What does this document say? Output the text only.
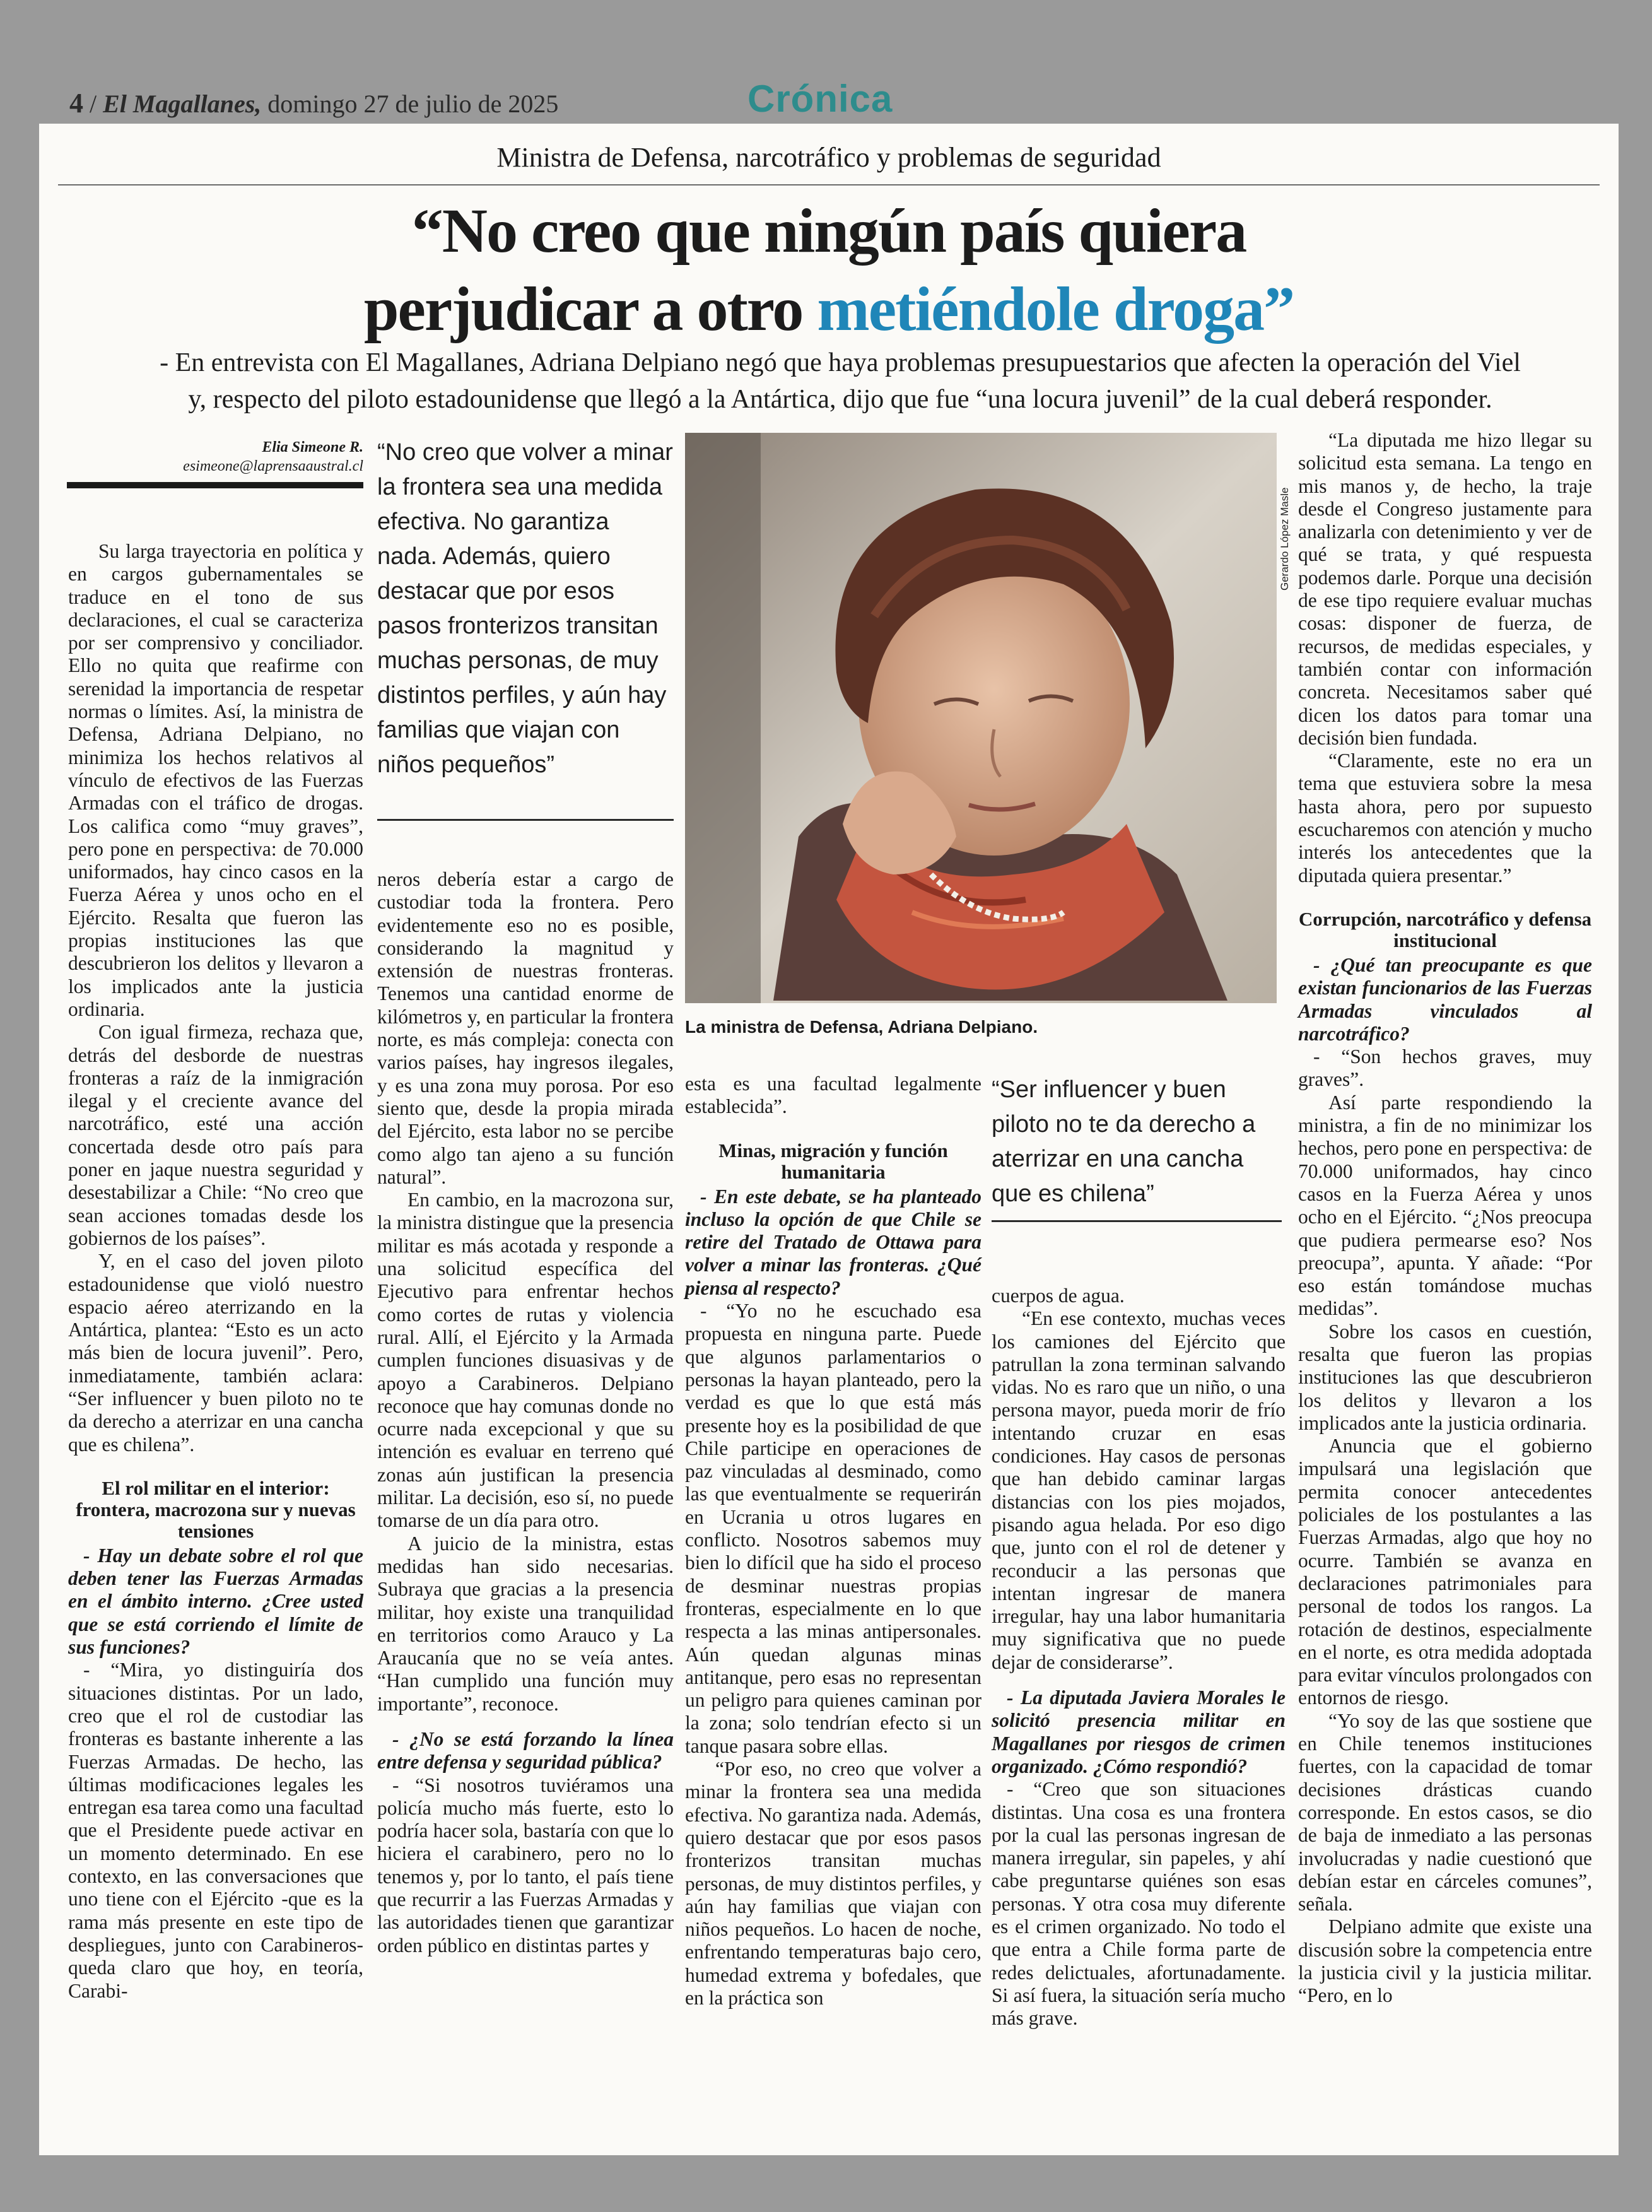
4 / El Magallanes, domingo 27 de julio de 2025	Crónica
Ministra de Defensa, narcotráfico y problemas de seguridad
“No creo que ningún país quiera
perjudicar a otro metiéndole droga”
- En entrevista con El Magallanes, Adriana Delpiano negó que haya problemas presupuestarios que afecten la operación del Viel
y, respecto del piloto estadounidense que llegó a la Antártica, dijo que fue “una locura juvenil” de la cual deberá responder.
Elia Simeone R.
esimeone@laprensaaustral.cl
“No creo que volver a minar la frontera sea una medida efectiva. No garantiza nada. Además, quiero destacar que por esos pasos fronterizos transitan muchas personas, de muy distintos perfiles, y aún hay familias que viajan con niños pequeños”
Gerardo López Masle
La ministra de Defensa, Adriana Delpiano.

Su larga trayectoria en política y en cargos gubernamentales se traduce en el tono de sus declaraciones, el cual se caracteriza por ser comprensivo y conciliador. Ello no quita que reafirme con serenidad la importancia de respetar normas o límites. Así, la ministra de Defensa, Adriana Delpiano, no minimiza los hechos relativos al vínculo de efectivos de las Fuerzas Armadas con el tráfico de drogas. Los califica como “muy graves”, pero pone en perspectiva: de 70.000 uniformados, hay cinco casos en la Fuerza Aérea y unos ocho en el Ejército. Resalta que fueron las propias instituciones las que descubrieron los delitos y llevaron a los implicados ante la justicia ordinaria.

Con igual firmeza, rechaza que, detrás del desborde de nuestras fronteras a raíz de la inmigración ilegal y el creciente avance del narcotráfico, esté una acción concertada desde otro país para poner en jaque nuestra seguridad y desestabilizar a Chile: “No creo que sean acciones tomadas desde los gobiernos de los países”.

Y, en el caso del joven piloto estadounidense que violó nuestro espacio aéreo aterrizando en la Antártica, plantea: “Esto es un acto más bien de locura juvenil”. Pero, inmediatamente, también aclara: “Ser influencer y buen piloto no te da derecho a aterrizar en una cancha que es chilena”.

El rol militar en el interior: frontera, macrozona sur y nuevas tensiones

- Hay un debate sobre el rol que deben tener las Fuerzas Armadas en el ámbito interno. ¿Cree usted que se está corriendo el límite de sus funciones?

- “Mira, yo distinguiría dos situaciones distintas. Por un lado, creo que el rol de custodiar las fronteras es bastante inherente a las Fuerzas Armadas. De hecho, las últimas modificaciones legales les entregan esa tarea como una facultad que el Presidente puede activar en un momento determinado. En ese contexto, en las conversaciones que uno tiene con el Ejército -que es la rama más presente en este tipo de despliegues, junto con Carabineros- queda claro que hoy, en teoría, Carabi-

neros debería estar a cargo de custodiar toda la frontera. Pero evidentemente eso no es posible, considerando la magnitud y extensión de nuestras fronteras. Tenemos una cantidad enorme de kilómetros y, en particular la frontera norte, es más compleja: conecta con varios países, hay ingresos ilegales, y es una zona muy porosa. Por eso siento que, desde la propia mirada del Ejército, esta labor no se percibe como algo tan ajeno a su función natural”.

En cambio, en la macrozona sur, la ministra distingue que la presencia militar es más acotada y responde a una solicitud específica del Ejecutivo para enfrentar hechos como cortes de rutas y violencia rural. Allí, el Ejército y la Armada cumplen funciones disuasivas y de apoyo a Carabineros. Delpiano reconoce que hay comunas donde no ocurre nada excepcional y que su intención es evaluar en terreno qué zonas aún justifican la presencia militar. La decisión, eso sí, no puede tomarse de un día para otro.

A juicio de la ministra, estas medidas han sido necesarias. Subraya que gracias a la presencia militar, hoy existe una tranquilidad en territorios como Arauco y La Araucanía que no se veía antes. “Han cumplido una función muy importante”, reconoce.

- ¿No se está forzando la línea entre defensa y seguridad pública?

- “Si nosotros tuviéramos una policía mucho más fuerte, esto lo podría hacer sola, bastaría con que lo hiciera el carabinero, pero no lo tenemos y, por lo tanto, el país tiene que recurrir a las Fuerzas Armadas y las autoridades tienen que garantizar orden público en distintas partes y

esta es una facultad legalmente establecida”.

Minas, migración y función humanitaria

- En este debate, se ha planteado incluso la opción de que Chile se retire del Tratado de Ottawa para volver a minar las fronteras. ¿Qué piensa al respecto?

- “Yo no he escuchado esa propuesta en ninguna parte. Puede que algunos parlamentarios o personas la hayan planteado, pero la verdad es que lo que está más presente hoy es la posibilidad de que Chile participe en operaciones de paz vinculadas al desminado, como las que eventualmente se requerirán en Ucrania u otros lugares en conflicto. Nosotros sabemos muy bien lo difícil que ha sido el proceso de desminar nuestras propias fronteras, especialmente en lo que respecta a las minas antipersonales. Aún quedan algunas minas antitanque, pero esas no representan un peligro para quienes caminan por la zona; solo tendrían efecto si un tanque pasara sobre ellas.

“Por eso, no creo que volver a minar la frontera sea una medida efectiva. No garantiza nada. Además, quiero destacar que por esos pasos fronterizos transitan muchas personas, de muy distintos perfiles, y aún hay familias que viajan con niños pequeños. Lo hacen de noche, enfrentando temperaturas bajo cero, humedad extrema y bofedales, que en la práctica son

“Ser influencer y buen piloto no te da derecho a aterrizar en una cancha que es chilena”

cuerpos de agua.

“En ese contexto, muchas veces los camiones del Ejército que patrullan la zona terminan salvando vidas. No es raro que un niño, o una persona mayor, pueda morir de frío intentando cruzar en esas condiciones. Hay casos de personas que han debido caminar largas distancias con los pies mojados, pisando agua helada. Por eso digo que, junto con el rol de detener y reconducir a las personas que intentan ingresar de manera irregular, hay una labor humanitaria muy significativa que no puede dejar de considerarse”.

- La diputada Javiera Morales le solicitó presencia militar en Magallanes por riesgos de crimen organizado. ¿Cómo respondió?

- “Creo que son situaciones distintas. Una cosa es una frontera por la cual las personas ingresan de manera irregular, sin papeles, y ahí cabe preguntarse quiénes son esas personas. Y otra cosa muy diferente es el crimen organizado. No todo el que entra a Chile forma parte de redes delictuales, afortunadamente. Si así fuera, la situación sería mucho más grave.

“La diputada me hizo llegar su solicitud esta semana. La tengo en mis manos y, de hecho, la traje desde el Congreso justamente para analizarla con detenimiento y ver de qué se trata, y qué respuesta podemos darle. Porque una decisión de ese tipo requiere evaluar muchas cosas: disponer de fuerza, de recursos, de medidas especiales, y también contar con información concreta. Necesitamos saber qué dicen los datos para tomar una decisión bien fundada.

“Claramente, este no era un tema que estuviera sobre la mesa hasta ahora, pero por supuesto escucharemos con atención y mucho interés los antecedentes que la diputada quiera presentar.”

Corrupción, narcotráfico y defensa institucional

- ¿Qué tan preocupante es que existan funcionarios de las Fuerzas Armadas vinculados al narcotráfico?

- “Son hechos graves, muy graves”.

Así parte respondiendo la ministra, a fin de no minimizar los hechos, pero pone en perspectiva: de 70.000 uniformados, hay cinco casos en la Fuerza Aérea y unos ocho en el Ejército. “¿Nos preocupa que pudiera permearse eso? Nos preocupa”, apunta. Y añade: “Por eso están tomándose muchas medidas”.

Sobre los casos en cuestión, resalta que fueron las propias instituciones las que descubrieron los delitos y llevaron a los implicados ante la justicia ordinaria.

Anuncia que el gobierno impulsará una legislación que permita conocer antecedentes policiales de los postulantes a las Fuerzas Armadas, algo que hoy no ocurre. También se avanza en declaraciones patrimoniales para personal de todos los rangos. La rotación de destinos, especialmente en el norte, es otra medida adoptada para evitar vínculos prolongados con entornos de riesgo.

“Yo soy de las que sostiene que en Chile tenemos instituciones fuertes, con la capacidad de tomar decisiones drásticas cuando corresponde. En estos casos, se dio de baja de inmediato a las personas involucradas y nadie cuestionó que debían estar en cárceles comunes”, señala.

Delpiano admite que existe una discusión sobre la competencia entre la justicia civil y la justicia militar. “Pero, en lo
